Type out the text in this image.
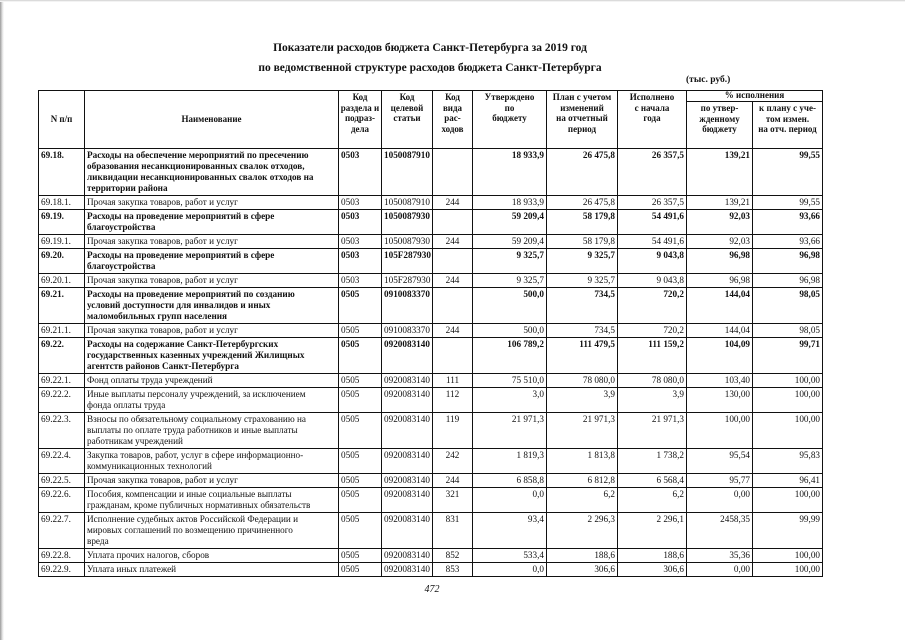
Показатели расходов бюджета Санкт-Петербурга за 2019 год
по ведомственной структуре расходов бюджета Санкт-Петербурга
(тыс. руб.)
N п/п	Наименование	Код
раздела и
подраз-
дела	Код
целевой
статьи	Код
вида
рас-
ходов	Утверждено
по
бюджету	План с учетом
изменений
на отчетный
период	Исполнено
с начала
года	% исполнения	
								по утвер-
жденному
бюджету	к плану с уче-
том измен.
на отч. период
69.18.	Расходы на обеспечение мероприятий по пресечению
образования несанкционированных свалок отходов,
ликвидации несанкционированных свалок отходов на
территории района	0503	1050087910		18 933,9	26 475,8	26 357,5	139,21	99,55
69.18.1.	Прочая закупка товаров, работ и услуг	0503	1050087910	244	18 933,9	26 475,8	26 357,5	139,21	99,55
69.19.	Расходы на проведение мероприятий в сфере
благоустройства	0503	1050087930		59 209,4	58 179,8	54 491,6	92,03	93,66
69.19.1.	Прочая закупка товаров, работ и услуг	0503	1050087930	244	59 209,4	58 179,8	54 491,6	92,03	93,66
69.20.	Расходы на проведение мероприятий в сфере
благоустройства	0503	105F287930		9 325,7	9 325,7	9 043,8	96,98	96,98
69.20.1.	Прочая закупка товаров, работ и услуг	0503	105F287930	244	9 325,7	9 325,7	9 043,8	96,98	96,98
69.21.	Расходы на проведение мероприятий по созданию
условий доступности для инвалидов и иных
маломобильных групп населения	0505	0910083370		500,0	734,5	720,2	144,04	98,05
69.21.1.	Прочая закупка товаров, работ и услуг	0505	0910083370	244	500,0	734,5	720,2	144,04	98,05
69.22.	Расходы на содержание Санкт-Петербургских
государственных казенных учреждений Жилищных
агентств районов Санкт-Петербурга	0505	0920083140		106 789,2	111 479,5	111 159,2	104,09	99,71
69.22.1.	Фонд оплаты труда учреждений	0505	0920083140	111	75 510,0	78 080,0	78 080,0	103,40	100,00
69.22.2.	Иные выплаты персоналу учреждений, за исключением
фонда оплаты труда	0505	0920083140	112	3,0	3,9	3,9	130,00	100,00
69.22.3.	Взносы по обязательному социальному страхованию на
выплаты по оплате труда работников и иные выплаты
работникам учреждений	0505	0920083140	119	21 971,3	21 971,3	21 971,3	100,00	100,00
69.22.4.	Закупка товаров, работ, услуг в сфере информационно-
коммуникационных технологий	0505	0920083140	242	1 819,3	1 813,8	1 738,2	95,54	95,83
69.22.5.	Прочая закупка товаров, работ и услуг	0505	0920083140	244	6 858,8	6 812,8	6 568,4	95,77	96,41
69.22.6.	Пособия, компенсации и иные социальные выплаты
гражданам, кроме публичных нормативных обязательств	0505	0920083140	321	0,0	6,2	6,2	0,00	100,00
69.22.7.	Исполнение судебных актов Российской Федерации и
мировых соглашений по возмещению причиненного
вреда	0505	0920083140	831	93,4	2 296,3	2 296,1	2458,35	99,99
69.22.8.	Уплата прочих налогов, сборов	0505	0920083140	852	533,4	188,6	188,6	35,36	100,00
69.22.9.	Уплата иных платежей	0505	0920083140	853	0,0	306,6	306,6	0,00	100,00
472
